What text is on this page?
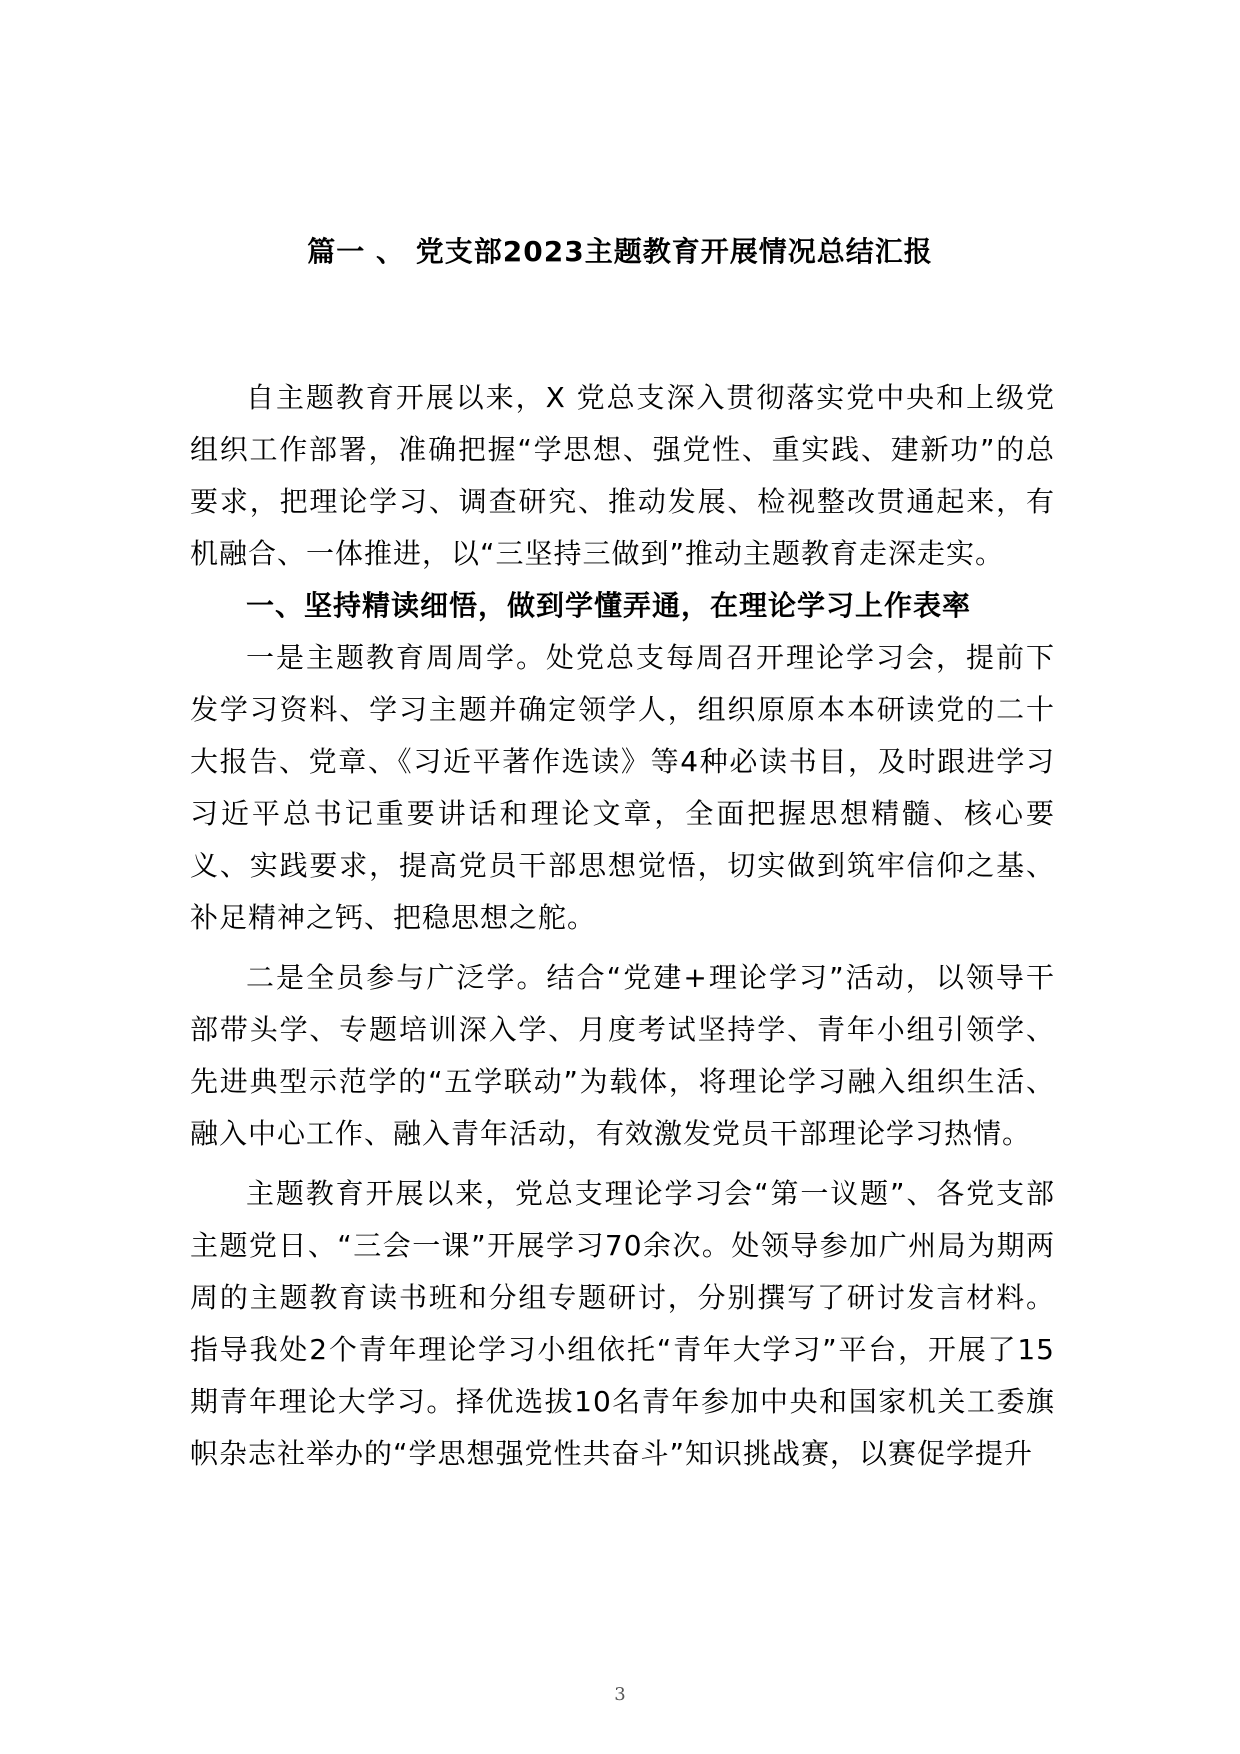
篇一 、 党支部2023主题教育开展情况总结汇报

自主题教育开展以来，X 党总支深入贯彻落实党中央和上级党组织工作部署，准确把握“学思想、强党性、重实践、建新功”的总要求，把理论学习、调查研究、推动发展、检视整改贯通起来，有机融合、一体推进，以“三坚持三做到”推动主题教育走深走实。

一、坚持精读细悟，做到学懂弄通，在理论学习上作表率

一是主题教育周周学。处党总支每周召开理论学习会，提前下发学习资料、学习主题并确定领学人，组织原原本本研读党的二十大报告、党章、《习近平著作选读》等4种必读书目，及时跟进学习习近平总书记重要讲话和理论文章，全面把握思想精髓、核心要义、实践要求，提高党员干部思想觉悟，切实做到筑牢信仰之基、补足精神之钙、把稳思想之舵。

二是全员参与广泛学。结合“党建+理论学习”活动，以领导干部带头学、专题培训深入学、月度考试坚持学、青年小组引领学、先进典型示范学的“五学联动”为载体，将理论学习融入组织生活、融入中心工作、融入青年活动，有效激发党员干部理论学习热情。

主题教育开展以来，党总支理论学习会“第一议题”、各党支部 主题党日、“三会一课”开展学习70余次。处领导参加广州局为期两 周的主题教育读书班和分组专题研讨，分别撰写了研讨发言材料。指导我处2个青年理论学习小组依托“青年大学习”平台，开展了15期青年理论大学习。择优选拔10名青年参加中央和国家机关工委旗帜杂志社举办的“学思想强党性共奋斗”知识挑战赛，以赛促学提升

3
